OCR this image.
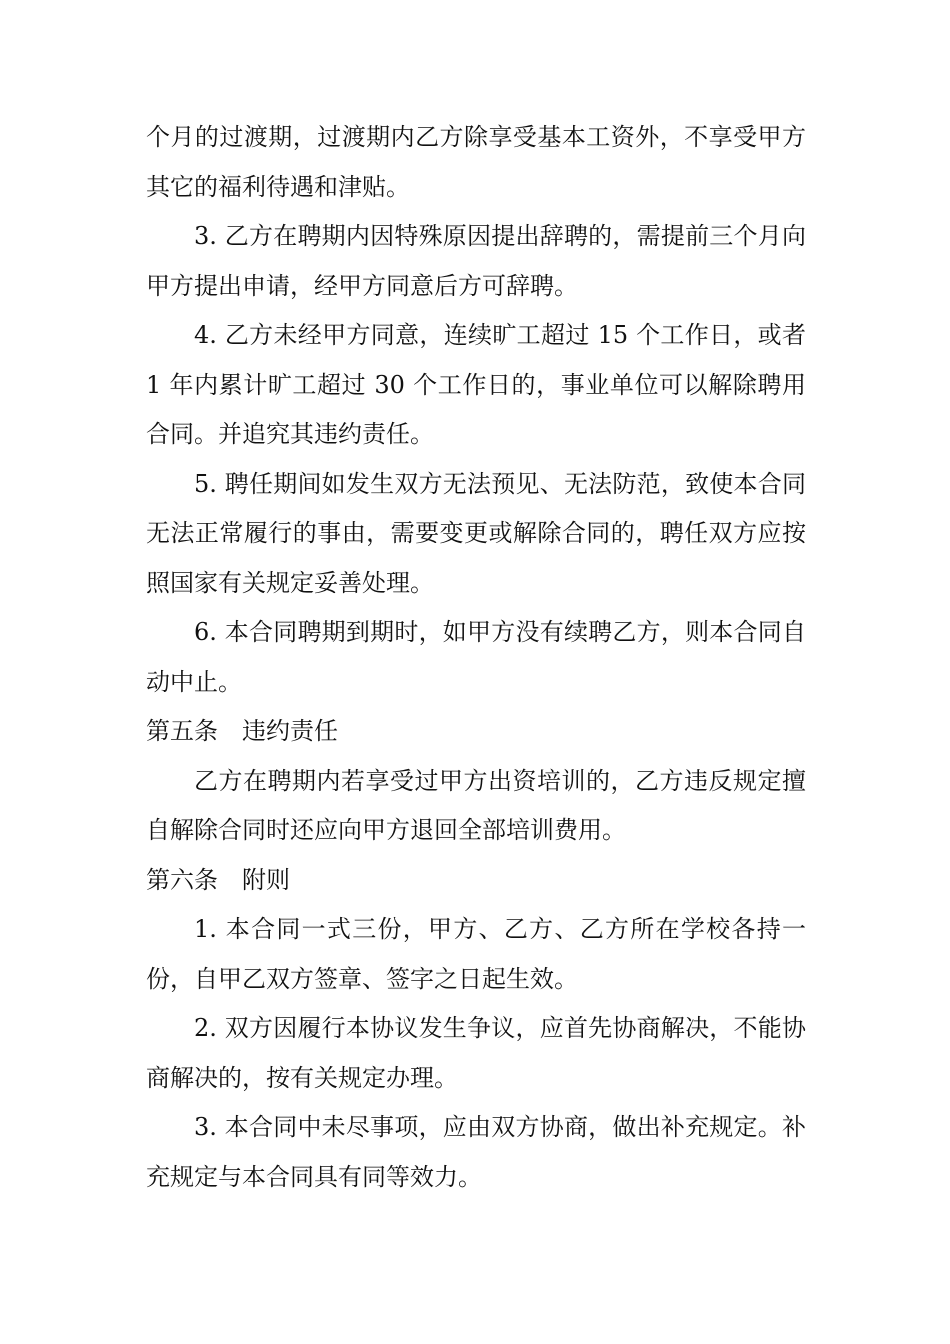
个月的过渡期，过渡期内乙方除享受基本工资外，不享受甲方其它的福利待遇和津贴。

3. 乙方在聘期内因特殊原因提出辞聘的，需提前三个月向甲方提出申请，经甲方同意后方可辞聘。

4. 乙方未经甲方同意，连续旷工超过 15 个工作日，或者 1 年内累计旷工超过 30 个工作日的，事业单位可以解除聘用合同。并追究其违约责任。

5. 聘任期间如发生双方无法预见、无法防范，致使本合同无法正常履行的事由，需要变更或解除合同的，聘任双方应按照国家有关规定妥善处理。

6. 本合同聘期到期时，如甲方没有续聘乙方，则本合同自动中止。

第五条 违约责任

乙方在聘期内若享受过甲方出资培训的，乙方违反规定擅自解除合同时还应向甲方退回全部培训费用。

第六条 附则

1. 本合同一式三份，甲方、乙方、乙方所在学校各持一份，自甲乙双方签章、签字之日起生效。

2. 双方因履行本协议发生争议，应首先协商解决，不能协商解决的，按有关规定办理。

3. 本合同中未尽事项，应由双方协商，做出补充规定。补充规定与本合同具有同等效力。
